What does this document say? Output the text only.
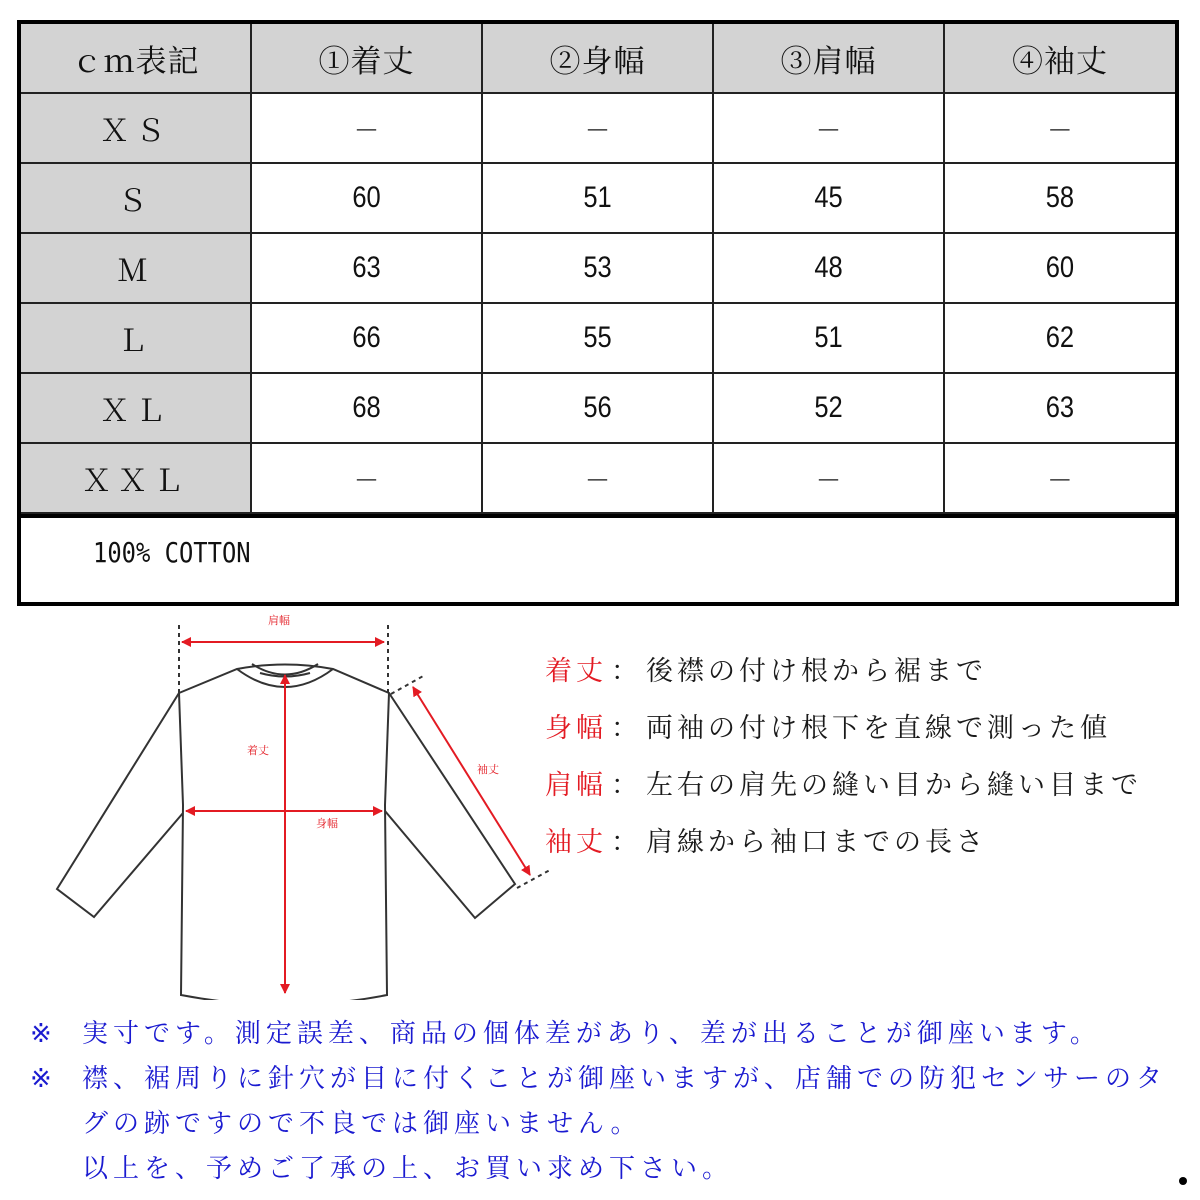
ｃｍ表記	①着丈	②身幅	③肩幅	④袖丈
ＸＳ	－	－	－	－
Ｓ	60	51	45	58
Ｍ	63	53	48	60
Ｌ	66	55	51	62
ＸＬ	68	56	52	63
ＸＸＬ	－	－	－	－
100% COTTON
肩幅
着丈
身幅
袖丈
着丈 ： 後襟の付け根から裾まで
身幅 ： 両袖の付け根下を直線で測った値
肩幅 ： 左右の肩先の縫い目から縫い目まで
袖丈 ： 肩線から袖口までの長さ
※ 実寸です。測定誤差、商品の個体差があり、差が出ることが御座います。
※ 襟、裾周りに針穴が目に付くことが御座いますが、店舗での防犯センサーのタ
グの跡ですので不良では御座いません。
以上を、予めご了承の上、お買い求め下さい。
